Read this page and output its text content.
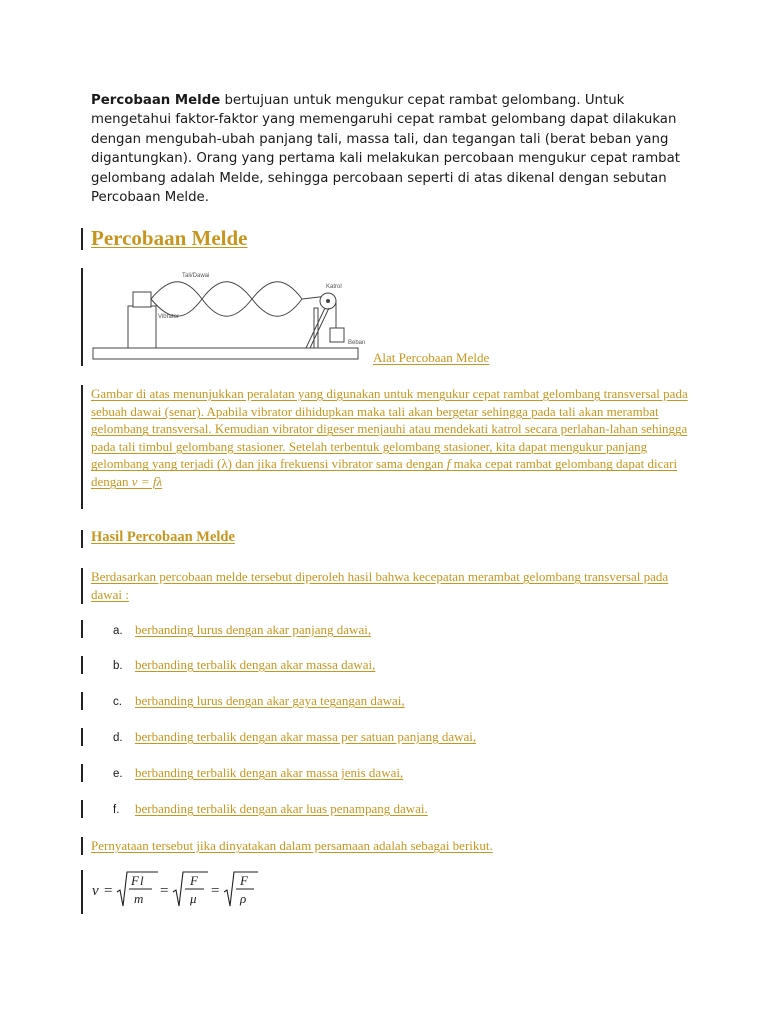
Percobaan Melde bertujuan untuk mengukur cepat rambat gelombang. Untuk mengetahui faktor-faktor yang memengaruhi cepat rambat gelombang dapat dilakukan dengan mengubah-ubah panjang tali, massa tali, dan tegangan tali (berat beban yang digantungkan). Orang yang pertama kali melakukan percobaan mengukur cepat rambat gelombang adalah Melde, sehingga percobaan seperti di atas dikenal dengan sebutan Percobaan Melde.

Percobaan Melde
Tali/Dawai
Vibrator
Katrol
Beban
Alat Percobaan Melde

Gambar di atas menunjukkan peralatan yang digunakan untuk mengukur cepat rambat gelombang transversal pada sebuah dawai (senar). Apabila vibrator dihidupkan maka tali akan bergetar sehingga pada tali akan merambat gelombang transversal. Kemudian vibrator digeser menjauhi atau mendekati katrol secara perlahan-lahan sehingga pada tali timbul gelombang stasioner. Setelah terbentuk gelombang stasioner, kita dapat mengukur panjang gelombang yang terjadi (λ) dan jika frekuensi vibrator sama dengan f maka cepat rambat gelombang dapat dicari dengan v = fλ

Hasil Percobaan Melde

Berdasarkan percobaan melde tersebut diperoleh hasil bahwa kecepatan merambat gelombang transversal pada dawai :

a. berbanding lurus dengan akar panjang dawai,
b. berbanding terbalik dengan akar massa dawai,
c. berbanding lurus dengan akar gaya tegangan dawai,
d. berbanding terbalik dengan akar massa per satuan panjang dawai,
e. berbanding terbalik dengan akar massa jenis dawai,
f. berbanding terbalik dengan akar luas penampang dawai.

Pernyataan tersebut jika dinyatakan dalam persamaan adalah sebagai berikut.

v =
F l
m =
F
μ =
F
ρ
